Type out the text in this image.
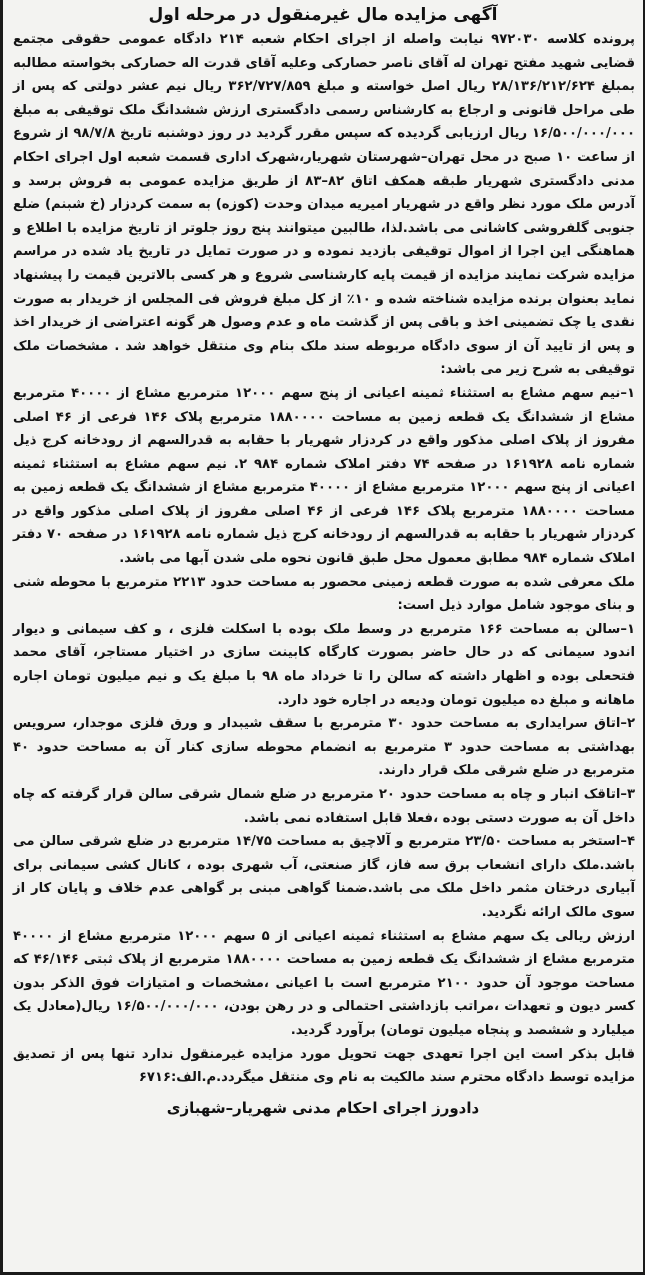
آگهی مزایده مال غیرمنقول در مرحله اول

پرونده کلاسه ۹۷۲۰۳۰ نیابت واصله از اجرای احکام شعبه ۲۱۴ دادگاه عمومی حقوقی مجتمع قضایی شهید مفتح تهران له آقای ناصر حصارکی وعلیه آقای قدرت اله حصارکی بخواسته مطالبه بمبلغ ۲۸/۱۳۶/۲۱۲/۶۲۴ ریال اصل خواسته و مبلغ ۳۶۲/۷۲۷/۸۵۹ ریال نیم عشر دولتی که پس از طی مراحل قانونی و ارجاع به کارشناس رسمی دادگستری ارزش ششدانگ ملک توقیفی به مبلغ ۱۶/۵۰۰/۰۰۰/۰۰۰ ریال ارزیابی گردیده که سپس مقرر گردید در روز دوشنبه تاریخ ۹۸/۷/۸ از شروع از ساعت ۱۰ صبح در محل تهران–شهرستان شهریار،شهرک اداری قسمت شعبه اول اجرای احکام مدنی دادگستری شهریار طبقه همکف اتاق ۸۲–۸۳ از طریق مزایده عمومی به فروش برسد و آدرس ملک مورد نظر واقع در شهریار امیریه میدان وحدت (کوزه) به سمت کردزار (خ شبنم) ضلع جنوبی گلفروشی کاشانی می باشد.لذا، طالبین میتوانند پنج روز جلوتر از تاریخ مزایده با اطلاع و هماهنگی این اجرا از اموال توقیفی بازدید نموده و در صورت تمایل در تاریخ یاد شده در مراسم مزایده شرکت نمایند مزایده از قیمت پایه کارشناسی شروع و هر کسی بالاترین قیمت را پیشنهاد نماید بعنوان برنده مزایده شناخته شده و ۱۰٪ از کل مبلغ فروش فی المجلس از خریدار به صورت نقدی یا چک تضمینی اخذ و باقی پس از گذشت ماه و عدم وصول هر گونه اعتراضی از خریدار اخذ و پس از تایید آن از سوی دادگاه مربوطه سند ملک بنام وی منتقل خواهد شد . مشخصات ملک توقیفی به شرح زیر می باشد:

۱–نیم سهم مشاع به استثناء ثمینه اعیانی از پنج سهم ۱۲۰۰۰ مترمربع مشاع از ۴۰۰۰۰ مترمربع مشاع از ششدانگ یک قطعه زمین به مساحت ۱۸۸۰۰۰۰ مترمربع پلاک ۱۴۶ فرعی از ۴۶ اصلی مفروز از پلاک اصلی مذکور واقع در کردزار شهریار با حقابه به قدرالسهم از رودخانه کرج ذیل شماره نامه ۱۶۱۹۲۸ در صفحه ۷۴ دفتر املاک شماره ۹۸۴ ۲. نیم سهم مشاع به استثناء ثمینه اعیانی از پنج سهم ۱۲۰۰۰ مترمربع مشاع از ۴۰۰۰۰ مترمربع مشاع از ششدانگ یک قطعه زمین به مساحت ۱۸۸۰۰۰۰ مترمربع پلاک ۱۴۶ فرعی از ۴۶ اصلی مفروز از پلاک اصلی مذکور واقع در کردزار شهریار با حقابه به قدرالسهم از رودخانه کرج ذیل شماره نامه ۱۶۱۹۲۸ در صفحه ۷۰ دفتر املاک شماره ۹۸۴ مطابق معمول محل طبق قانون نحوه ملی شدن آبها می باشد.

ملک معرفی شده به صورت قطعه زمینی محصور به مساحت حدود ۲۲۱۳ مترمربع با محوطه شنی و بنای موجود شامل موارد ذیل است:

۱–سالن به مساحت ۱۶۶ مترمربع در وسط ملک بوده با اسکلت فلزی ، و کف سیمانی و دیوار اندود سیمانی که در حال حاضر بصورت کارگاه کابینت سازی در اختیار مستاجر، آقای محمد فتحعلی بوده و اظهار داشته که سالن را تا خرداد ماه ۹۸ با مبلغ یک و نیم میلیون تومان اجاره ماهانه و مبلغ ده میلیون تومان ودیعه در اجاره خود دارد.

۲–اتاق سرایداری به مساحت حدود ۳۰ مترمربع با سقف شیبدار و ورق فلزی موجدار، سرویس بهداشتی به مساحت حدود ۳ مترمربع به انضمام محوطه سازی کنار آن به مساحت حدود ۴۰ مترمربع در ضلع شرقی ملک قرار دارند.

۳–اتاقک انبار و چاه به مساحت حدود ۲۰ مترمربع در ضلع شمال شرقی سالن قرار گرفته که چاه داخل آن به صورت دستی بوده ،فعلا قابل استفاده نمی باشد.

۴–استخر به مساحت ۲۳/۵۰ مترمربع و آلاچیق به مساحت ۱۴/۷۵ مترمربع در ضلع شرقی سالن می باشد.ملک دارای انشعاب برق سه فاز، گاز صنعتی، آب شهری بوده ، کانال کشی سیمانی برای آبیاری درختان مثمر داخل ملک می باشد.ضمنا گواهی مبنی بر گواهی عدم خلاف و پایان کار از سوی مالک ارائه نگردید.

ارزش ریالی یک سهم مشاع به استثناء ثمینه اعیانی از ۵ سهم ۱۲۰۰۰ مترمربع مشاع از ۴۰۰۰۰ مترمربع مشاع از ششدانگ یک قطعه زمین به مساحت ۱۸۸۰۰۰۰ مترمربع از پلاک ثبتی ۴۶/۱۴۶ که مساحت موجود آن حدود ۲۱۰۰ مترمربع است با اعیانی ،مشخصات و امتیازات فوق الذکر بدون کسر دیون و تعهدات ،مراتب بازداشتی احتمالی و در رهن بودن، ۱۶/۵۰۰/۰۰۰/۰۰۰ ریال(معادل یک میلیارد و ششصد و پنجاه میلیون تومان) برآورد گردید.

قابل بذکر است این اجرا تعهدی جهت تحویل مورد مزایده غیرمنقول ندارد تنها پس از تصدیق مزایده توسط دادگاه محترم سند مالکیت به نام وی منتقل میگردد.م.الف:۶۷۱۶

دادورز اجرای احکام مدنی شهریار–شهبازی
